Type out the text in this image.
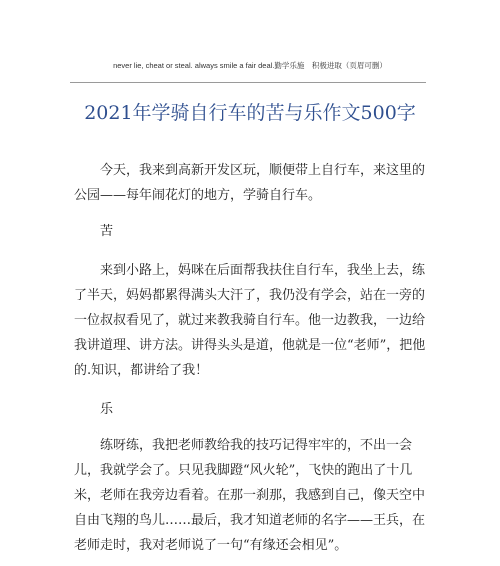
never lie, cheat or steal. always smile a fair deal.勤学乐施　积极进取（页眉可删）
2021年学骑自行车的苦与乐作文500字

今天，我来到高新开发区玩，顺便带上自行车，来这里的公园——每年闹花灯的地方，学骑自行车。

苦

来到小路上，妈咪在后面帮我扶住自行车，我坐上去，练了半天，妈妈都累得满头大汗了，我仍没有学会，站在一旁的一位叔叔看见了，就过来教我骑自行车。他一边教我，一边给我讲道理、讲方法。讲得头头是道，他就是一位“老师”，把他的.知识，都讲给了我！

乐

练呀练，我把老师教给我的技巧记得牢牢的，不出一会儿，我就学会了。只见我脚蹬“风火轮”，飞快的跑出了十几米，老师在我旁边看着。在那一刹那，我感到自己，像天空中自由飞翔的鸟儿……最后，我才知道老师的名字——王兵，在老师走时，我对老师说了一句“有缘还会相见”。
